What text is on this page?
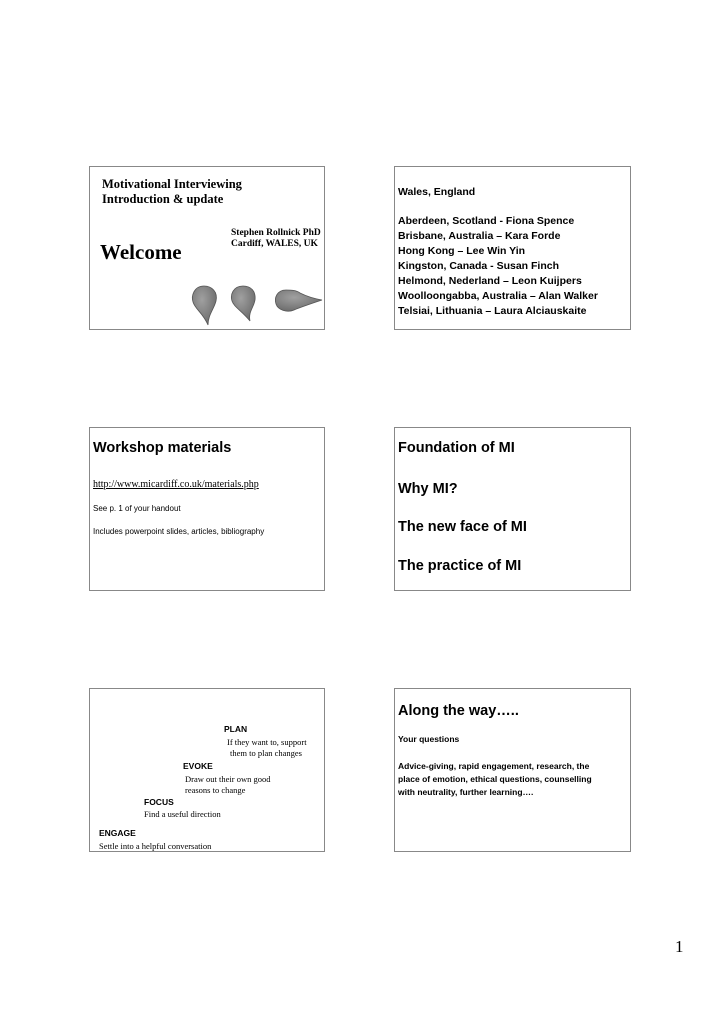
Motivational Interviewing
Introduction & update
Stephen Rollnick PhD
Cardiff, WALES, UK
Welcome
Wales, England
Aberdeen, Scotland - Fiona Spence
Brisbane, Australia – Kara Forde
Hong Kong – Lee Win Yin
Kingston, Canada - Susan Finch
Helmond, Nederland – Leon Kuijpers
Woolloongabba, Australia – Alan Walker
Telsiai, Lithuania – Laura Alciauskaite
Workshop materials
http://www.micardiff.co.uk/materials.php
See p. 1 of your handout
Includes powerpoint slides, articles, bibliography
Foundation of MI
Why MI?
The new face of MI
The practice of MI
PLAN
If they want to, support
them to plan changes
EVOKE
Draw out their own good
reasons to change
FOCUS
Find a useful direction
ENGAGE
Settle into a helpful conversation
Along the way…..
Your questions
Advice-giving, rapid engagement, research, the
place of emotion, ethical questions, counselling
with neutrality, further learning….
1
